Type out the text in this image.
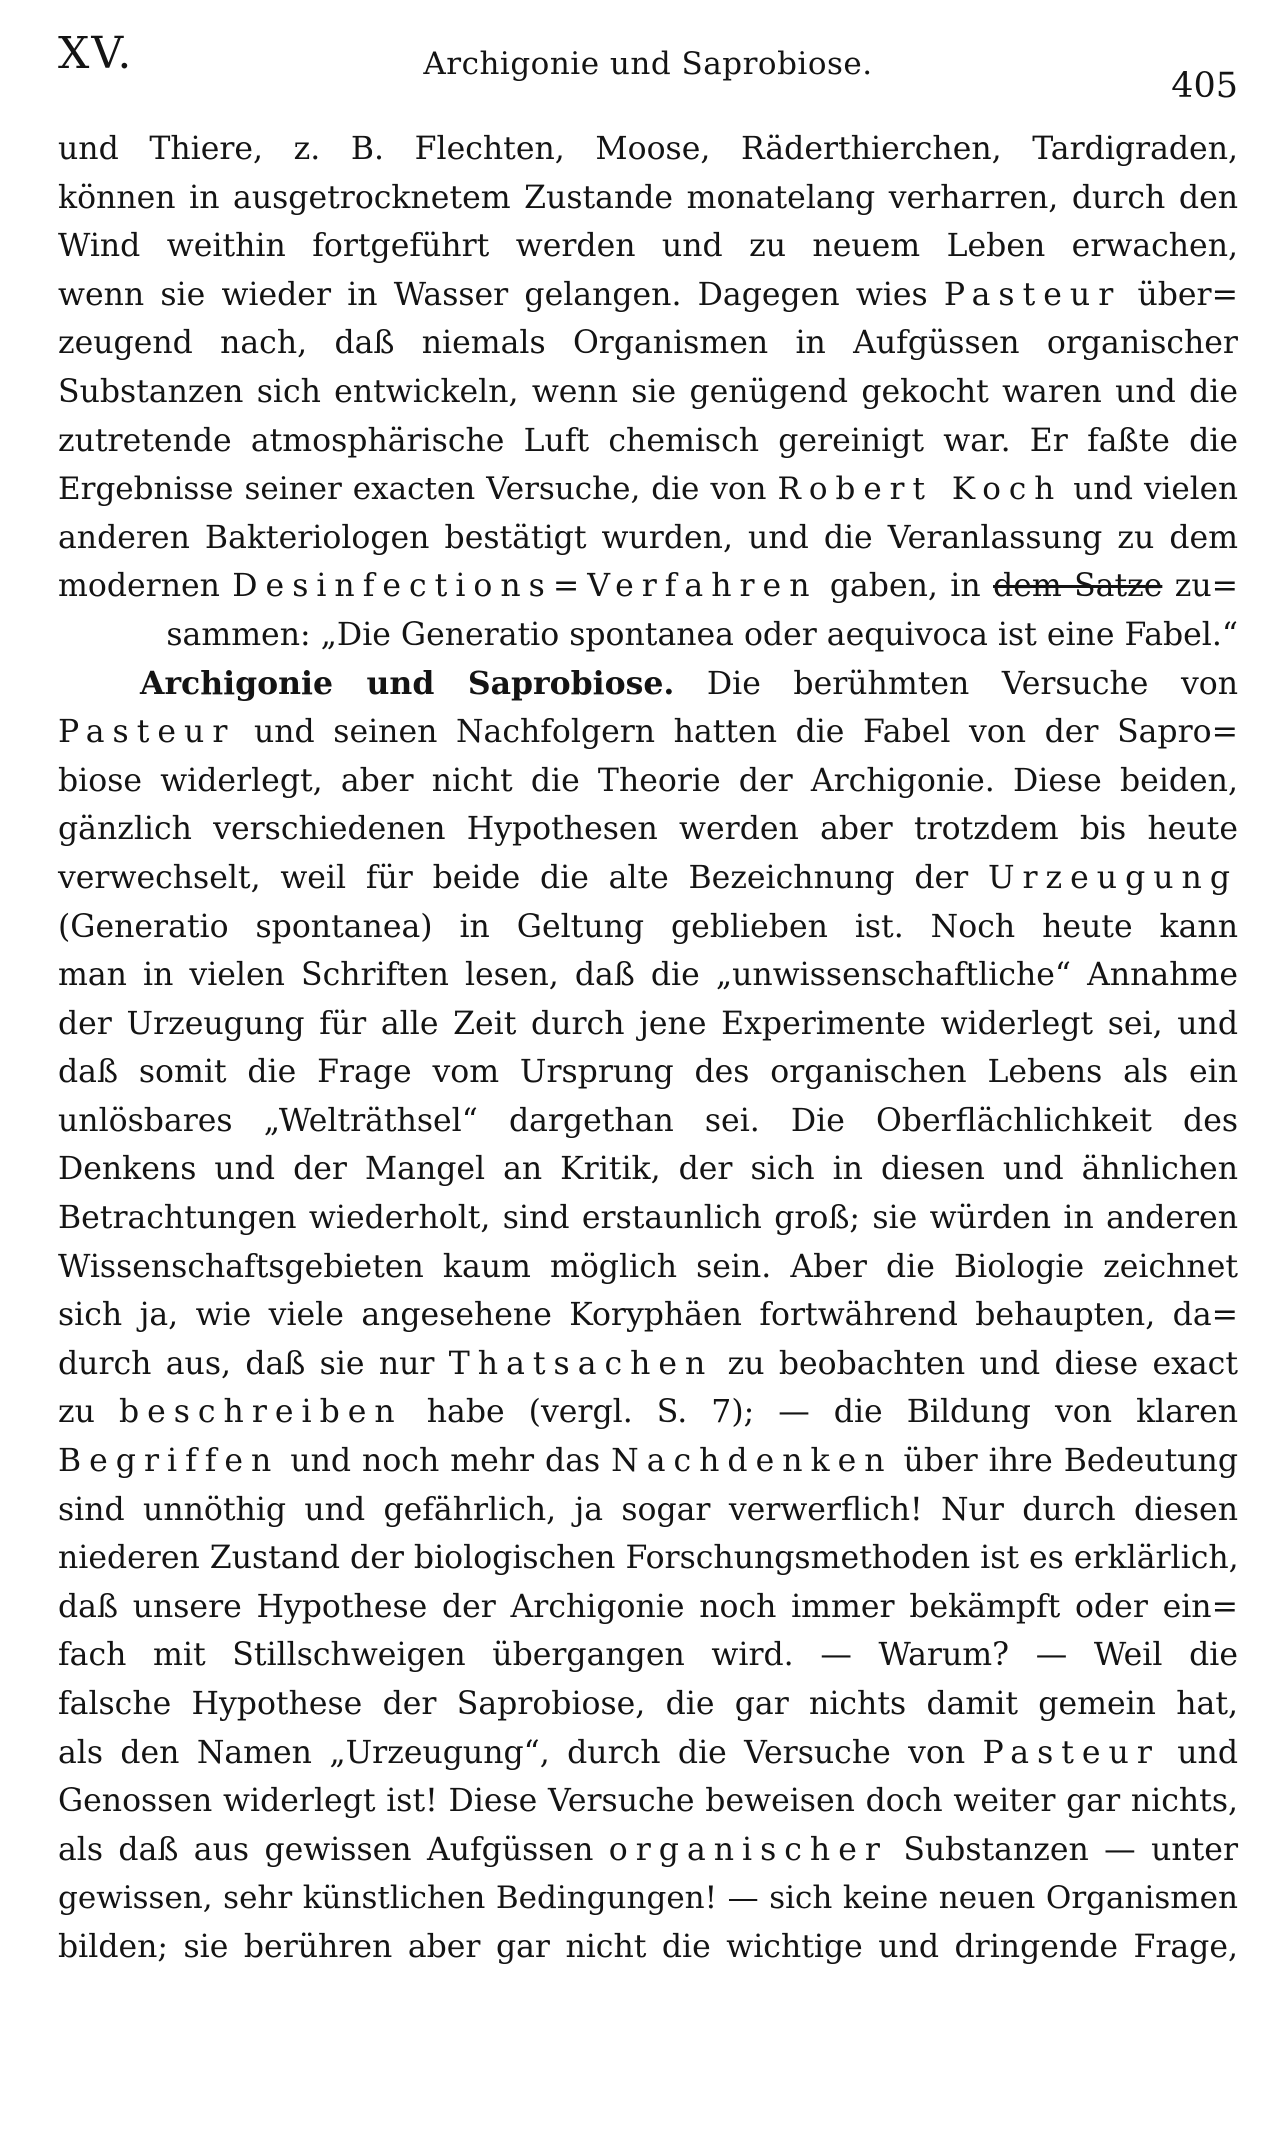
XV.	Archigonie und Saprobiose.
405
und Thiere, z. B. Flechten, Moose, Räderthierchen, Tardigraden,
können in ausgetrocknetem Zustande monatelang verharren, durch den
Wind weithin fortgeführt werden und zu neuem Leben erwachen,
wenn sie wieder in Wasser gelangen. Dagegen wies Pasteur über=
zeugend nach, daß niemals Organismen in Aufgüssen organischer
Substanzen sich entwickeln, wenn sie genügend gekocht waren und die
zutretende atmosphärische Luft chemisch gereinigt war. Er faßte die
Ergebnisse seiner exacten Versuche, die von Robert Koch und vielen
anderen Bakteriologen bestätigt wurden, und die Veranlassung zu dem
modernen Desinfections=Verfahren gaben, in dem Satze zu=
sammen: „Die Generatio spontanea oder aequivoca ist eine Fabel.“
Archigonie und Saprobiose. Die berühmten Versuche von
Pasteur und seinen Nachfolgern hatten die Fabel von der Sapro=
biose widerlegt, aber nicht die Theorie der Archigonie. Diese beiden,
gänzlich verschiedenen Hypothesen werden aber trotzdem bis heute
verwechselt, weil für beide die alte Bezeichnung der Urzeugung
(Generatio spontanea) in Geltung geblieben ist. Noch heute kann
man in vielen Schriften lesen, daß die „unwissenschaftliche“ Annahme
der Urzeugung für alle Zeit durch jene Experimente widerlegt sei, und
daß somit die Frage vom Ursprung des organischen Lebens als ein
unlösbares „Welträthsel“ dargethan sei. Die Oberflächlichkeit des
Denkens und der Mangel an Kritik, der sich in diesen und ähnlichen
Betrachtungen wiederholt, sind erstaunlich groß; sie würden in anderen
Wissenschaftsgebieten kaum möglich sein. Aber die Biologie zeichnet
sich ja, wie viele angesehene Koryphäen fortwährend behaupten, da=
durch aus, daß sie nur Thatsachen zu beobachten und diese exact
zu beschreiben habe (vergl. S. 7); — die Bildung von klaren
Begriffen und noch mehr das Nachdenken über ihre Bedeutung
sind unnöthig und gefährlich, ja sogar verwerflich! Nur durch diesen
niederen Zustand der biologischen Forschungsmethoden ist es erklärlich,
daß unsere Hypothese der Archigonie noch immer bekämpft oder ein=
fach mit Stillschweigen übergangen wird. — Warum? — Weil die
falsche Hypothese der Saprobiose, die gar nichts damit gemein hat,
als den Namen „Urzeugung“, durch die Versuche von Pasteur und
Genossen widerlegt ist! Diese Versuche beweisen doch weiter gar nichts,
als daß aus gewissen Aufgüssen organischer Substanzen — unter
gewissen, sehr künstlichen Bedingungen! — sich keine neuen Organismen
bilden; sie berühren aber gar nicht die wichtige und dringende Frage,
